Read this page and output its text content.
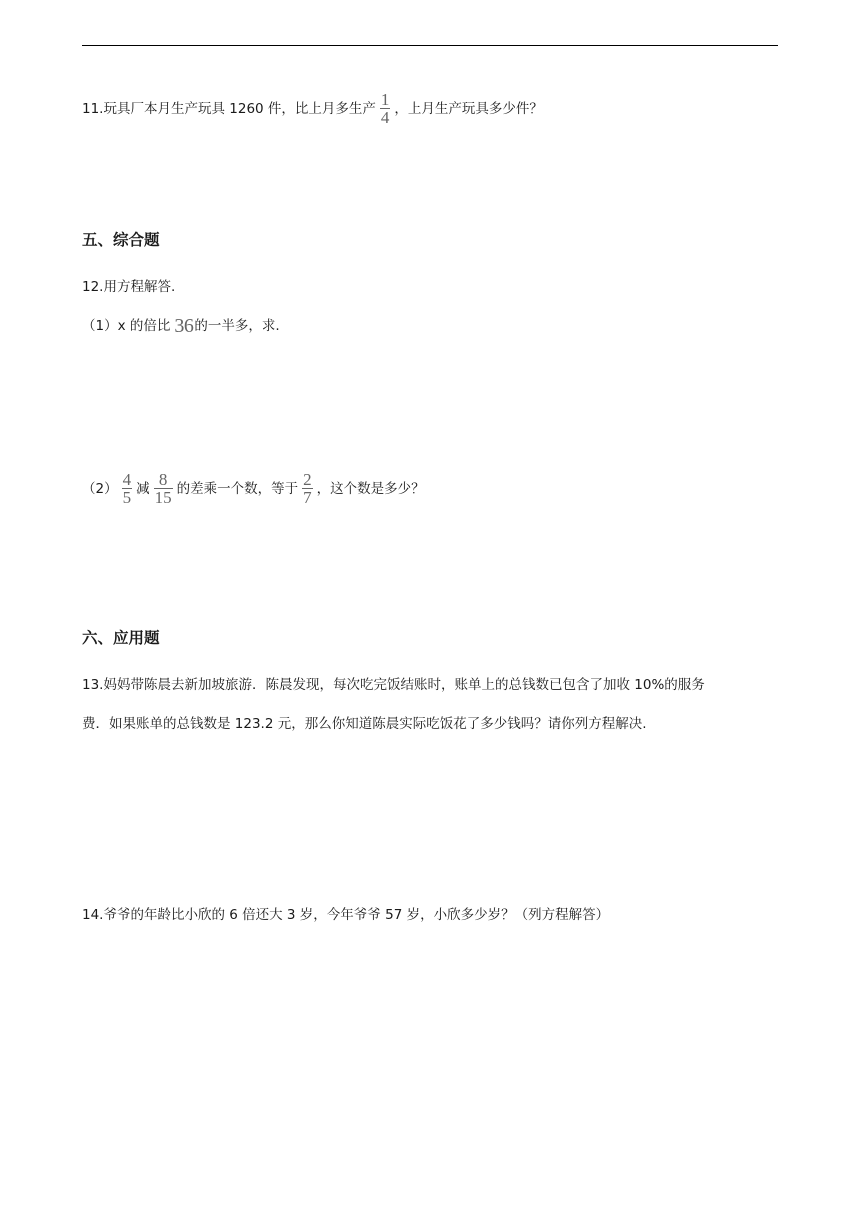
11.玩具厂本月生产玩具 1260 件，比上月多生产 $\frac{1}{4}$ ，上月生产玩具多少件？
五、综合题
12.用方程解答.
（1）x 的倍比 36 的一半多，求.
$(2) \frac{4}{5}$ 减 $\frac{8}{15}$ 的差乘一个数，等于 $\frac{2}{7}$ ，这个数是多少？
六、应用题
13.妈妈带陈晨去新加坡旅游．陈晨发现，每次吃完饭结账时，账单上的总钱数已包含了加收 10%的服务
费．如果账单的总钱数是 123.2 元，那么你知道陈晨实际吃饭花了多少钱吗？请你列方程解决.
14.爷爷的年龄比小欣的 6 倍还大 3 岁，今年爷爷 57 岁，小欣多少岁？（列方程解答）
